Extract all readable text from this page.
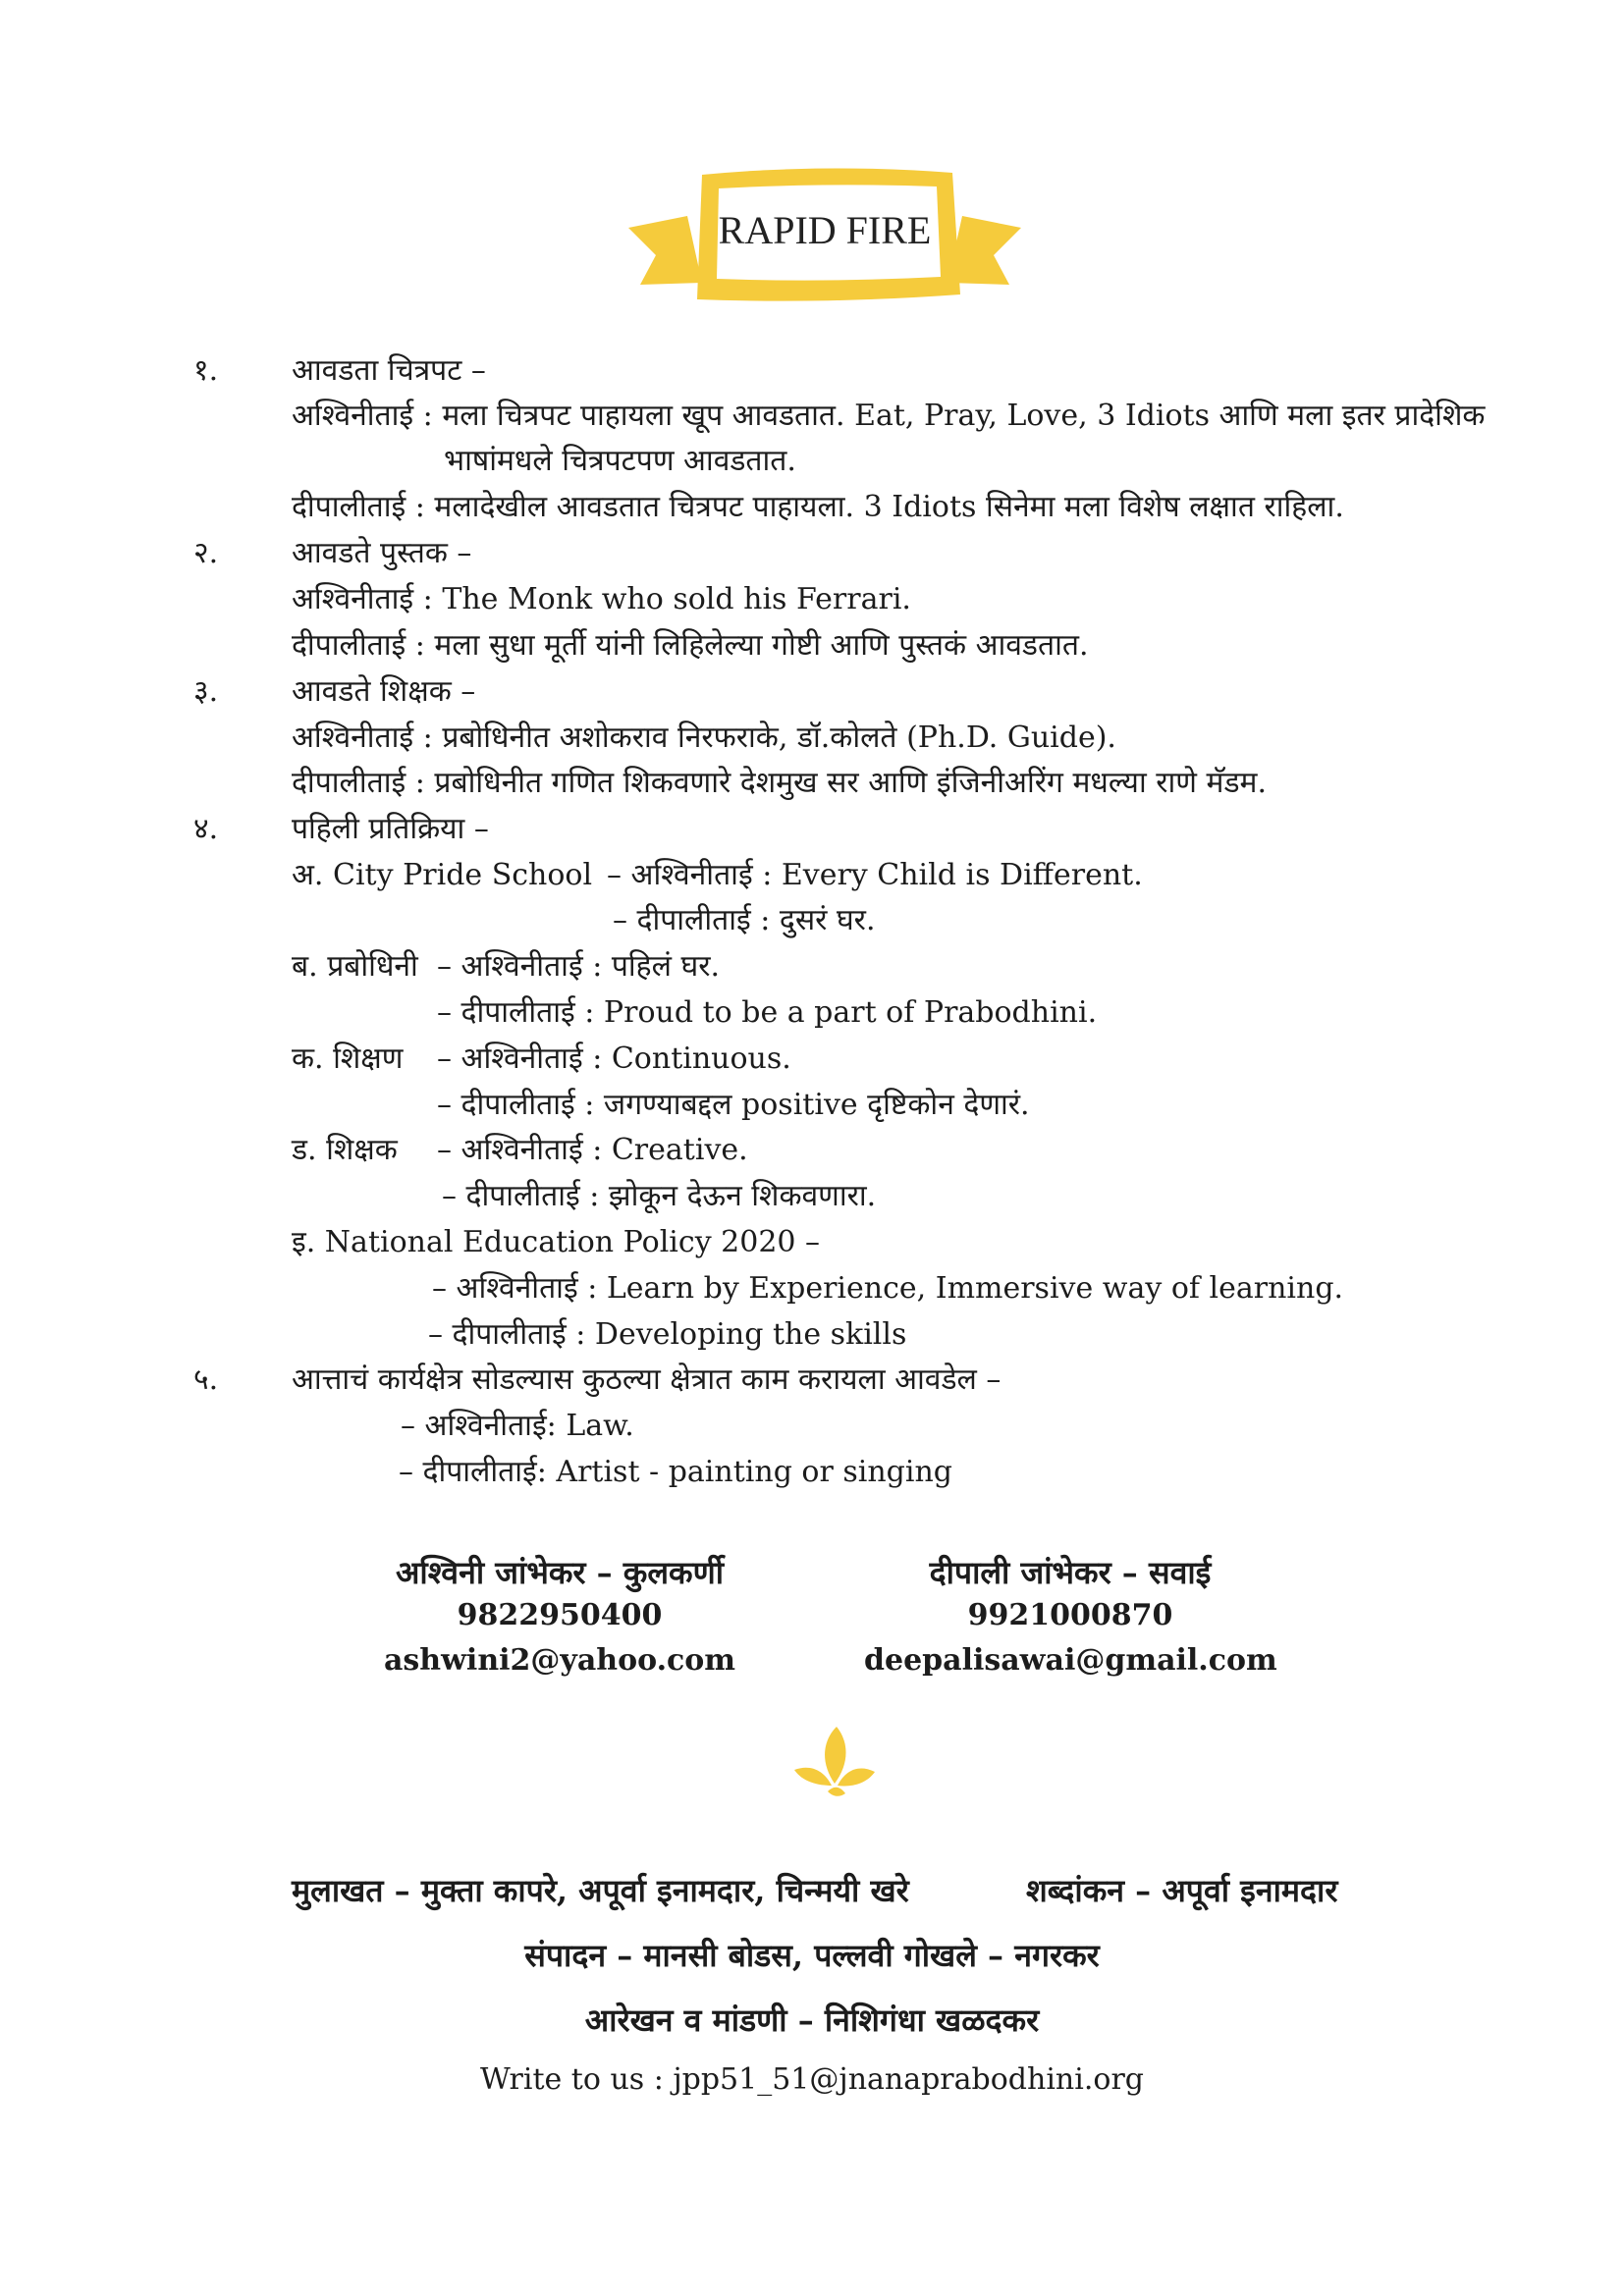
RAPID FIRE
१. आवडता चित्रपट –
अश्विनीताई : मला चित्रपट पाहायला खूप आवडतात. Eat, Pray, Love, 3 Idiots आणि मला इतर प्रादेशिक
भाषांमधले चित्रपटपण आवडतात.
दीपालीताई : मलादेखील आवडतात चित्रपट पाहायला. 3 Idiots सिनेमा मला विशेष लक्षात राहिला.
२. आवडते पुस्तक –
अश्विनीताई : The Monk who sold his Ferrari.
दीपालीताई : मला सुधा मूर्ती यांनी लिहिलेल्या गोष्टी आणि पुस्तकं आवडतात.
३. आवडते शिक्षक –
अश्विनीताई : प्रबोधिनीत अशोकराव निरफराके, डॉ.कोलते (Ph.D. Guide).
दीपालीताई : प्रबोधिनीत गणित शिकवणारे देशमुख सर आणि इंजिनीअरिंग मधल्या राणे मॅडम.
४. पहिली प्रतिक्रिया –
अ. City Pride School – अश्विनीताई : Every Child is Different.
– दीपालीताई : दुसरं घर.
ब. प्रबोधिनी – अश्विनीताई : पहिलं घर.
– दीपालीताई : Proud to be a part of Prabodhini.
क. शिक्षण – अश्विनीताई : Continuous.
– दीपालीताई : जगण्याबद्दल positive दृष्टिकोन देणारं.
ड. शिक्षक – अश्विनीताई : Creative.
– दीपालीताई : झोकून देऊन शिकवणारा.
इ. National Education Policy 2020 –
– अश्विनीताई : Learn by Experience, Immersive way of learning.
– दीपालीताई : Developing the skills
५. आत्ताचं कार्यक्षेत्र सोडल्यास कुठल्या क्षेत्रात काम करायला आवडेल –
– अश्विनीताई: Law.
– दीपालीताई: Artist - painting or singing
अश्विनी जांभेकर – कुलकर्णी
9822950400
ashwini2@yahoo.com
दीपाली जांभेकर – सवाई
9921000870
deepalisawai@gmail.com
मुलाखत – मुक्ता कापरे, अपूर्वा इनामदार, चिन्मयी खरे	शब्दांकन – अपूर्वा इनामदार
संपादन – मानसी बोडस, पल्लवी गोखले – नगरकर
आरेखन व मांडणी – निशिगंधा खळदकर
Write to us : jpp51_51@jnanaprabodhini.org
